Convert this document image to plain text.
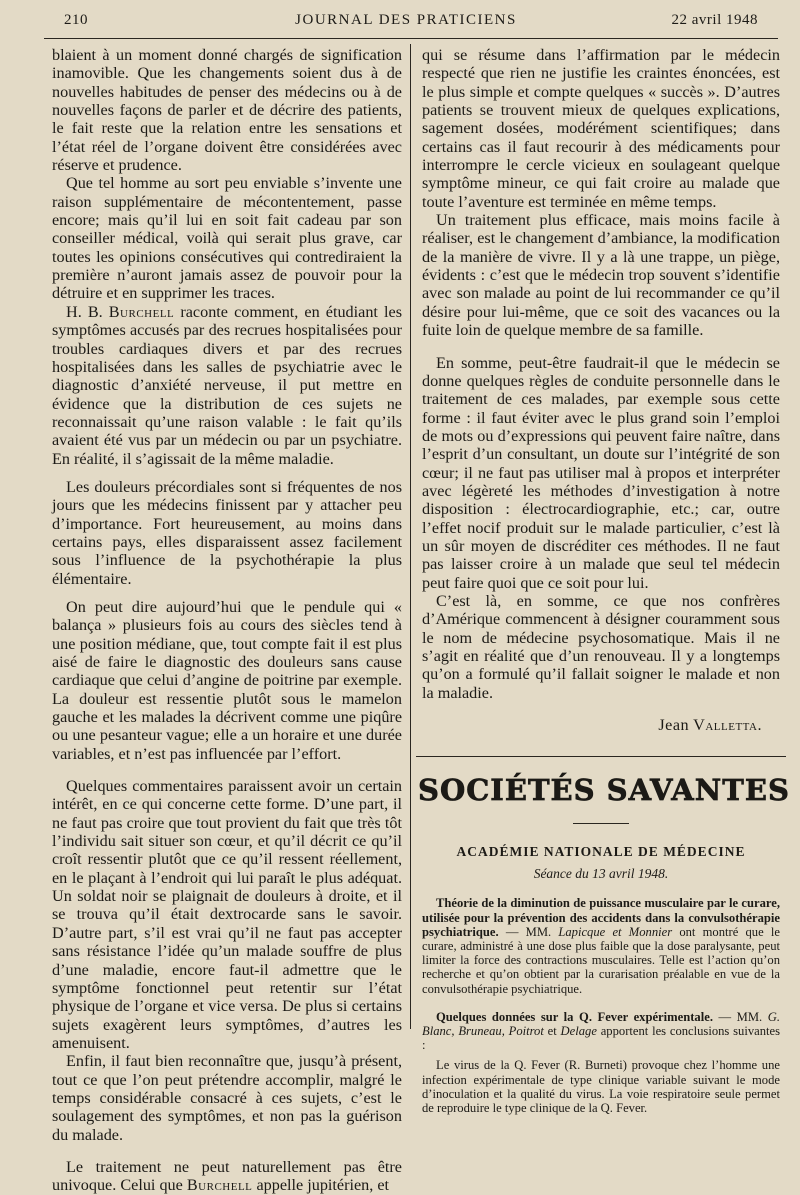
210	JOURNAL DES PRATICIENS	22 avril 1948

blaient à un moment donné chargés de signification inamovible. Que les changements soient dus à de nouvelles habitudes de penser des médecins ou à de nouvelles façons de parler et de décrire des patients, le fait reste que la relation entre les sensations et l’état réel de l’organe doivent être considérées avec réserve et prudence.

Que tel homme au sort peu enviable s’invente une raison supplémentaire de mécontentement, passe encore; mais qu’il lui en soit fait cadeau par son conseiller médical, voilà qui serait plus grave, car toutes les opinions consécutives qui contrediraient la première n’auront jamais assez de pouvoir pour la détruire et en supprimer les traces.

H. B. Burchell raconte comment, en étudiant les symptômes accusés par des recrues hospitalisées pour troubles cardiaques divers et par des recrues hospitalisées dans les salles de psychiatrie avec le diagnostic d’anxiété nerveuse, il put mettre en évidence que la distribution de ces sujets ne reconnaissait qu’une raison valable : le fait qu’ils avaient été vus par un médecin ou par un psychiatre. En réalité, il s’agissait de la même maladie.

Les douleurs précordiales sont si fréquentes de nos jours que les médecins finissent par y attacher peu d’importance. Fort heureusement, au moins dans certains pays, elles disparaissent assez facilement sous l’influence de la psychothérapie la plus élémentaire.

On peut dire aujourd’hui que le pendule qui « balança » plusieurs fois au cours des siècles tend à une position médiane, que, tout compte fait il est plus aisé de faire le diagnostic des douleurs sans cause cardiaque que celui d’angine de poitrine par exemple. La douleur est ressentie plutôt sous le mamelon gauche et les malades la décrivent comme une piqûre ou une pesanteur vague; elle a un horaire et une durée variables, et n’est pas influencée par l’effort.

Quelques commentaires paraissent avoir un certain intérêt, en ce qui concerne cette forme. D’une part, il ne faut pas croire que tout provient du fait que très tôt l’individu sait situer son cœur, et qu’il décrit ce qu’il croît ressentir plutôt que ce qu’il ressent réellement, en le plaçant à l’endroit qui lui paraît le plus adéquat. Un soldat noir se plaignait de douleurs à droite, et il se trouva qu’il était dextrocarde sans le savoir. D’autre part, s’il est vrai qu’il ne faut pas accepter sans résistance l’idée qu’un malade souffre de plus d’une maladie, encore faut-il admettre que le symptôme fonctionnel peut retentir sur l’état physique de l’organe et vice versa. De plus si certains sujets exagèrent leurs symptômes, d’autres les amenuisent.

Enfin, il faut bien reconnaître que, jusqu’à présent, tout ce que l’on peut prétendre accomplir, malgré le temps considérable consacré à ces sujets, c’est le soulagement des symptômes, et non pas la guérison du malade.

Le traitement ne peut naturellement pas être univoque. Celui que Burchell appelle jupitérien, et

qui se résume dans l’affirmation par le médecin respecté que rien ne justifie les craintes énoncées, est le plus simple et compte quelques « succès ». D’autres patients se trouvent mieux de quelques explications, sagement dosées, modérément scientifiques; dans certains cas il faut recourir à des médicaments pour interrompre le cercle vicieux en soulageant quelque symptôme mineur, ce qui fait croire au malade que toute l’aventure est terminée en même temps.

Un traitement plus efficace, mais moins facile à réaliser, est le changement d’ambiance, la modification de la manière de vivre. Il y a là une trappe, un piège, évidents : c’est que le médecin trop souvent s’identifie avec son malade au point de lui recommander ce qu’il désire pour lui-même, que ce soit des vacances ou la fuite loin de quelque membre de sa famille.

En somme, peut-être faudrait-il que le médecin se donne quelques règles de conduite personnelle dans le traitement de ces malades, par exemple sous cette forme : il faut éviter avec le plus grand soin l’emploi de mots ou d’expressions qui peuvent faire naître, dans l’esprit d’un consultant, un doute sur l’intégrité de son cœur; il ne faut pas utiliser mal à propos et interpréter avec légèreté les méthodes d’investigation à notre disposition : électrocardiographie, etc.; car, outre l’effet nocif produit sur le malade particulier, c’est là un sûr moyen de discréditer ces méthodes. Il ne faut pas laisser croire à un malade que seul tel médecin peut faire quoi que ce soit pour lui.

C’est là, en somme, ce que nos confrères d’Amérique commencent à désigner couramment sous le nom de médecine psychosomatique. Mais il ne s’agit en réalité que d’un renouveau. Il y a longtemps qu’on a formulé qu’il fallait soigner le malade et non la maladie.

Jean Valletta.
SOCIÉTÉS SAVANTES
ACADÉMIE NATIONALE DE MÉDECINE
Séance du 13 avril 1948.

Théorie de la diminution de puissance musculaire par le curare, utilisée pour la prévention des accidents dans la convulsothérapie psychiatrique. — MM. Lapicque et Monnier ont montré que le curare, administré à une dose plus faible que la dose paralysante, peut limiter la force des contractions musculaires. Telle est l’action qu’on recherche et qu’on obtient par la curarisation préalable en vue de la convulsothérapie psychiatrique.

Quelques données sur la Q. Fever expérimentale. — MM. G. Blanc, Bruneau, Poitrot et Delage apportent les conclusions suivantes :

Le virus de la Q. Fever (R. Burneti) provoque chez l’homme une infection expérimentale de type clinique variable suivant le mode d’inoculation et la qualité du virus. La voie respiratoire seule permet de reproduire le type clinique de la Q. Fever.
